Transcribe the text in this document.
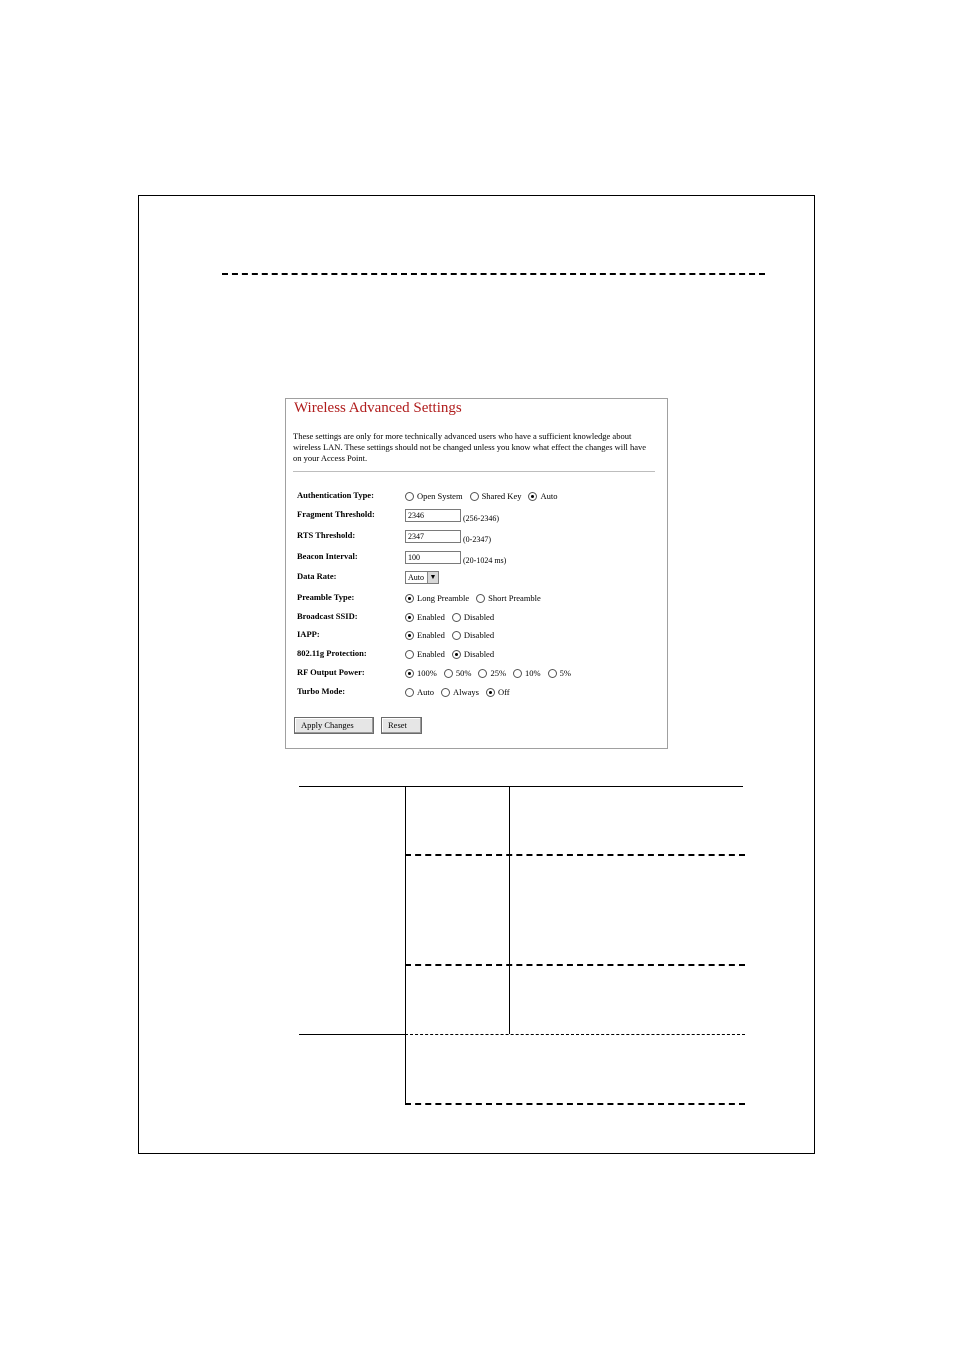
Wireless Advanced Settings
These settings are only for more technically advanced users who have a sufficient knowledge about wireless LAN. These settings should not be changed unless you know what effect the changes will have on your Access Point.
Authentication Type:	Open System Shared Key Auto
Fragment Threshold:	2346	(256-2346)
RTS Threshold:	2347	(0-2347)
Beacon Interval:	100	(20-1024 ms)
Data Rate:	Auto ▼
Preamble Type:	Long Preamble Short Preamble
Broadcast SSID:	Enabled Disabled
IAPP:	Enabled Disabled
802.11g Protection:	Enabled Disabled
RF Output Power:	100% 50% 25% 10% 5%
Turbo Mode:	Auto Always Off
Apply Changes	Reset
